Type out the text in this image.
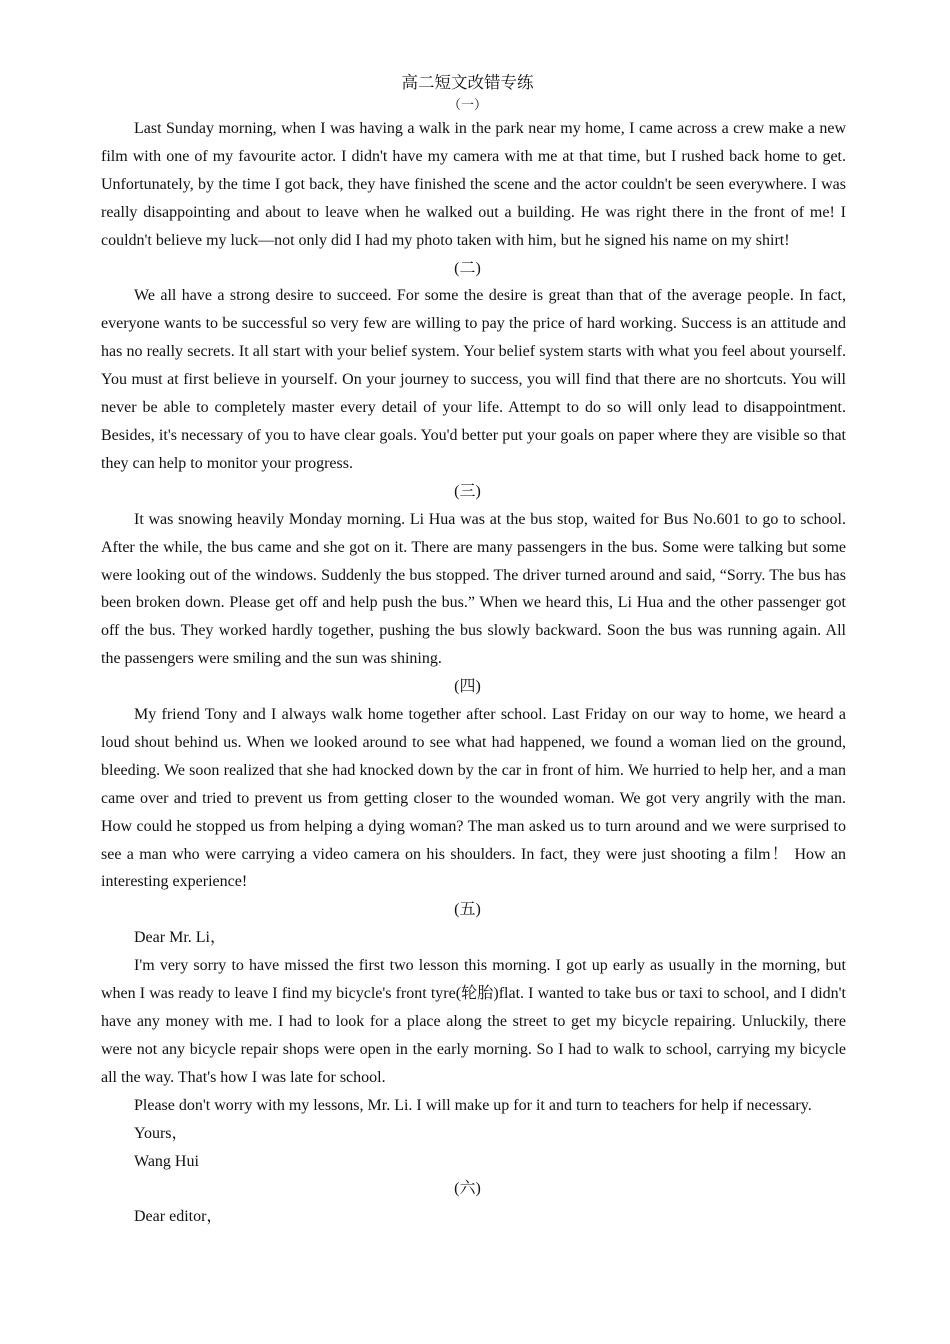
高二短文改错专练
（一）

Last Sunday morning, when I was having a walk in the park near my home, I came across a crew make a new film with one of my favourite actor. I didn't have my camera with me at that time, but I rushed back home to get. Unfortunately, by the time I got back, they have finished the scene and the actor couldn't be seen everywhere. I was really disappointing and about to leave when he walked out a building. He was right there in the front of me! I couldn't believe my luck—not only did I had my photo taken with him, but he signed his name on my shirt!

(二)

We all have a strong desire to succeed. For some the desire is great than that of the average people. In fact, everyone wants to be successful so very few are willing to pay the price of hard working. Success is an attitude and has no really secrets. It all start with your belief system. Your belief system starts with what you feel about yourself. You must at first believe in yourself. On your journey to success, you will find that there are no shortcuts. You will never be able to completely master every detail of your life. Attempt to do so will only lead to disappointment. Besides, it's necessary of you to have clear goals. You'd better put your goals on paper where they are visible so that they can help to monitor your progress.

(三)

It was snowing heavily Monday morning. Li Hua was at the bus stop, waited for Bus No.601 to go to school. After the while, the bus came and she got on it. There are many passengers in the bus. Some were talking but some were looking out of the windows. Suddenly the bus stopped. The driver turned around and said, “Sorry. The bus has been broken down. Please get off and help push the bus.” When we heard this, Li Hua and the other passenger got off the bus. They worked hardly together, pushing the bus slowly backward. Soon the bus was running again. All the passengers were smiling and the sun was shining.

(四)

My friend Tony and I always walk home together after school. Last Friday on our way to home, we heard a loud shout behind us. When we looked around to see what had happened, we found a woman lied on the ground, bleeding. We soon realized that she had knocked down by the car in front of him. We hurried to help her, and a man came over and tried to prevent us from getting closer to the wounded woman. We got very angrily with the man. How could he stopped us from helping a dying woman? The man asked us to turn around and we were surprised to see a man who were carrying a video camera on his shoulders. In fact, they were just shooting a film！ How an interesting experience!

(五)
Dear Mr. Li，

I'm very sorry to have missed the first two lesson this morning. I got up early as usually in the morning, but when I was ready to leave I find my bicycle's front tyre(轮胎)flat. I wanted to take bus or taxi to school, and I didn't have any money with me. I had to look for a place along the street to get my bicycle repairing. Unluckily, there were not any bicycle repair shops were open in the early morning. So I had to walk to school, carrying my bicycle all the way. That's how I was late for school.

Please don't worry with my lessons, Mr. Li. I will make up for it and turn to teachers for help if necessary.

Yours，
Wang Hui
(六)
Dear editor，
